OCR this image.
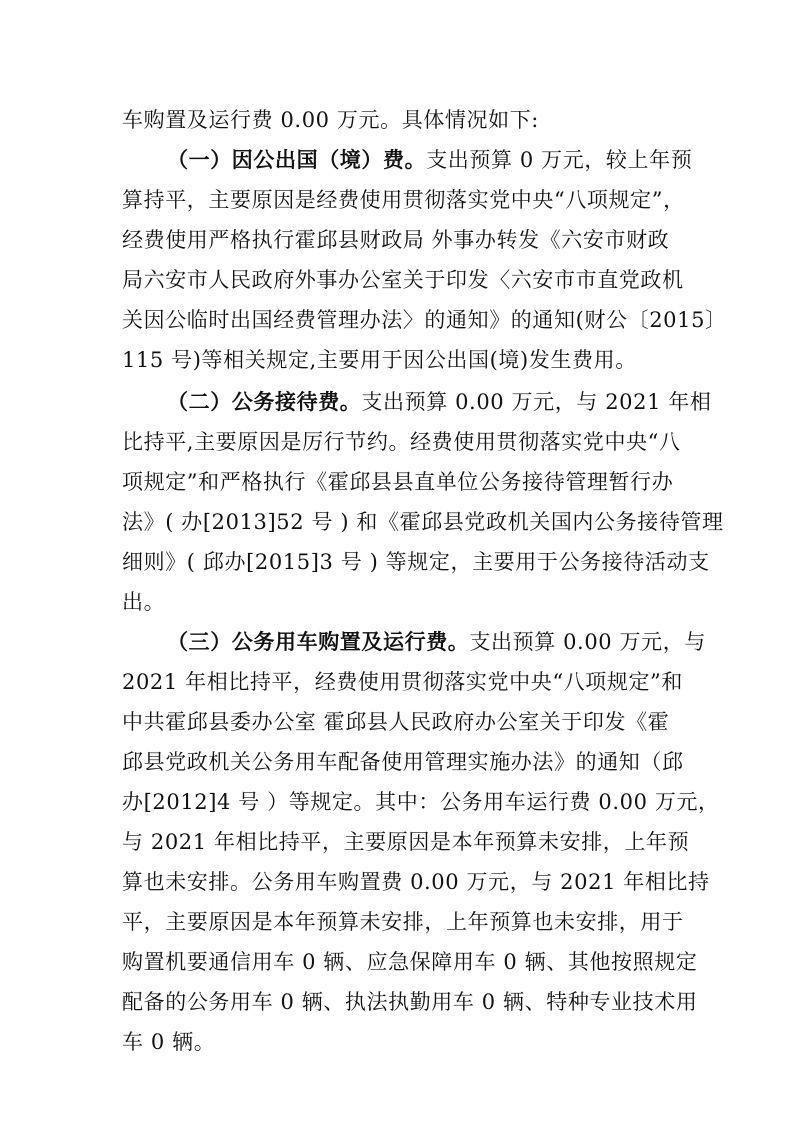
车购置及运行费 0.00 万元。具体情况如下:
（一）因公出国（境）费。支出预算 0 万元，较上年预
算持平，主要原因是经费使用贯彻落实党中央“八项规定”，
经费使用严格执行霍邱县财政局 外事办转发《六安市财政
局六安市人民政府外事办公室关于印发〈六安市市直党政机
关因公临时出国经费管理办法〉的通知》的通知(财公〔2015〕
115 号)等相关规定,主要用于因公出国(境)发生费用。
（二）公务接待费。支出预算 0.00 万元，与 2021 年相
比持平,主要原因是厉行节约。经费使用贯彻落实党中央“八
项规定”和严格执行《霍邱县县直单位公务接待管理暂行办
法》( 办[2013]52 号 ) 和《霍邱县党政机关国内公务接待管理
细则》( 邱办[2015]3 号 ) 等规定，主要用于公务接待活动支
出。
（三）公务用车购置及运行费。支出预算 0.00 万元，与
2021 年相比持平，经费使用贯彻落实党中央“八项规定”和
中共霍邱县委办公室 霍邱县人民政府办公室关于印发《霍
邱县党政机关公务用车配备使用管理实施办法》的通知（邱
办[2012]4 号 ）等规定。其中：公务用车运行费 0.00 万元，
与 2021 年相比持平，主要原因是本年预算未安排，上年预
算也未安排。公务用车购置费 0.00 万元，与 2021 年相比持
平，主要原因是本年预算未安排，上年预算也未安排，用于
购置机要通信用车 0 辆、应急保障用车 0 辆、其他按照规定
配备的公务用车 0 辆、执法执勤用车 0 辆、特种专业技术用
车 0 辆。
